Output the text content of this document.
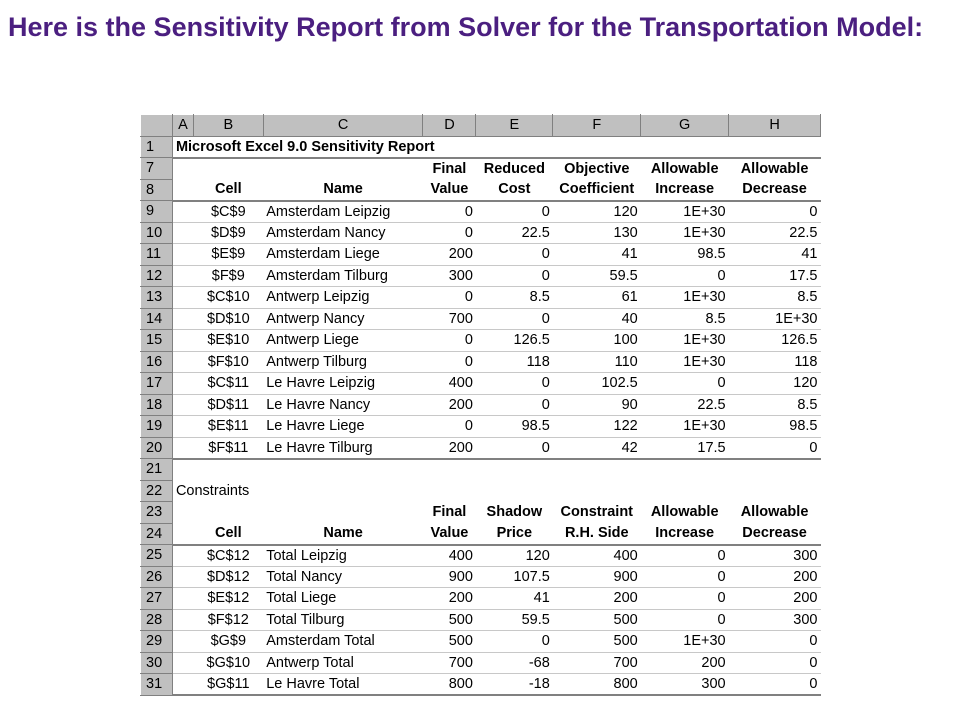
Here is the Sensitivity Report from Solver for the Transportation Model:
	A	B	C	D	E	F	G	H
1	Microsoft Excel 9.0 Sensitivity Report							
7				Final	Reduced	Objective	Allowable	Allowable
8		Cell	Name	Value	Cost	Coefficient	Increase	Decrease
9		$C$9	Amsterdam Leipzig	0	0	120	1E+30	0
10		$D$9	Amsterdam Nancy	0	22.5	130	1E+30	22.5
11		$E$9	Amsterdam Liege	200	0	41	98.5	41
12		$F$9	Amsterdam Tilburg	300	0	59.5	0	17.5
13		$C$10	Antwerp Leipzig	0	8.5	61	1E+30	8.5
14		$D$10	Antwerp Nancy	700	0	40	8.5	1E+30
15		$E$10	Antwerp Liege	0	126.5	100	1E+30	126.5
16		$F$10	Antwerp Tilburg	0	118	110	1E+30	118
17		$C$11	Le Havre Leipzig	400	0	102.5	0	120
18		$D$11	Le Havre Nancy	200	0	90	22.5	8.5
19		$E$11	Le Havre Liege	0	98.5	122	1E+30	98.5
20		$F$11	Le Havre Tilburg	200	0	42	17.5	0
21								
22	Constraints							
23				Final	Shadow	Constraint	Allowable	Allowable
24		Cell	Name	Value	Price	R.H. Side	Increase	Decrease
25		$C$12	Total Leipzig	400	120	400	0	300
26		$D$12	Total Nancy	900	107.5	900	0	200
27		$E$12	Total Liege	200	41	200	0	200
28		$F$12	Total Tilburg	500	59.5	500	0	300
29		$G$9	Amsterdam Total	500	0	500	1E+30	0
30		$G$10	Antwerp Total	700	-68	700	200	0
31		$G$11	Le Havre Total	800	-18	800	300	0
